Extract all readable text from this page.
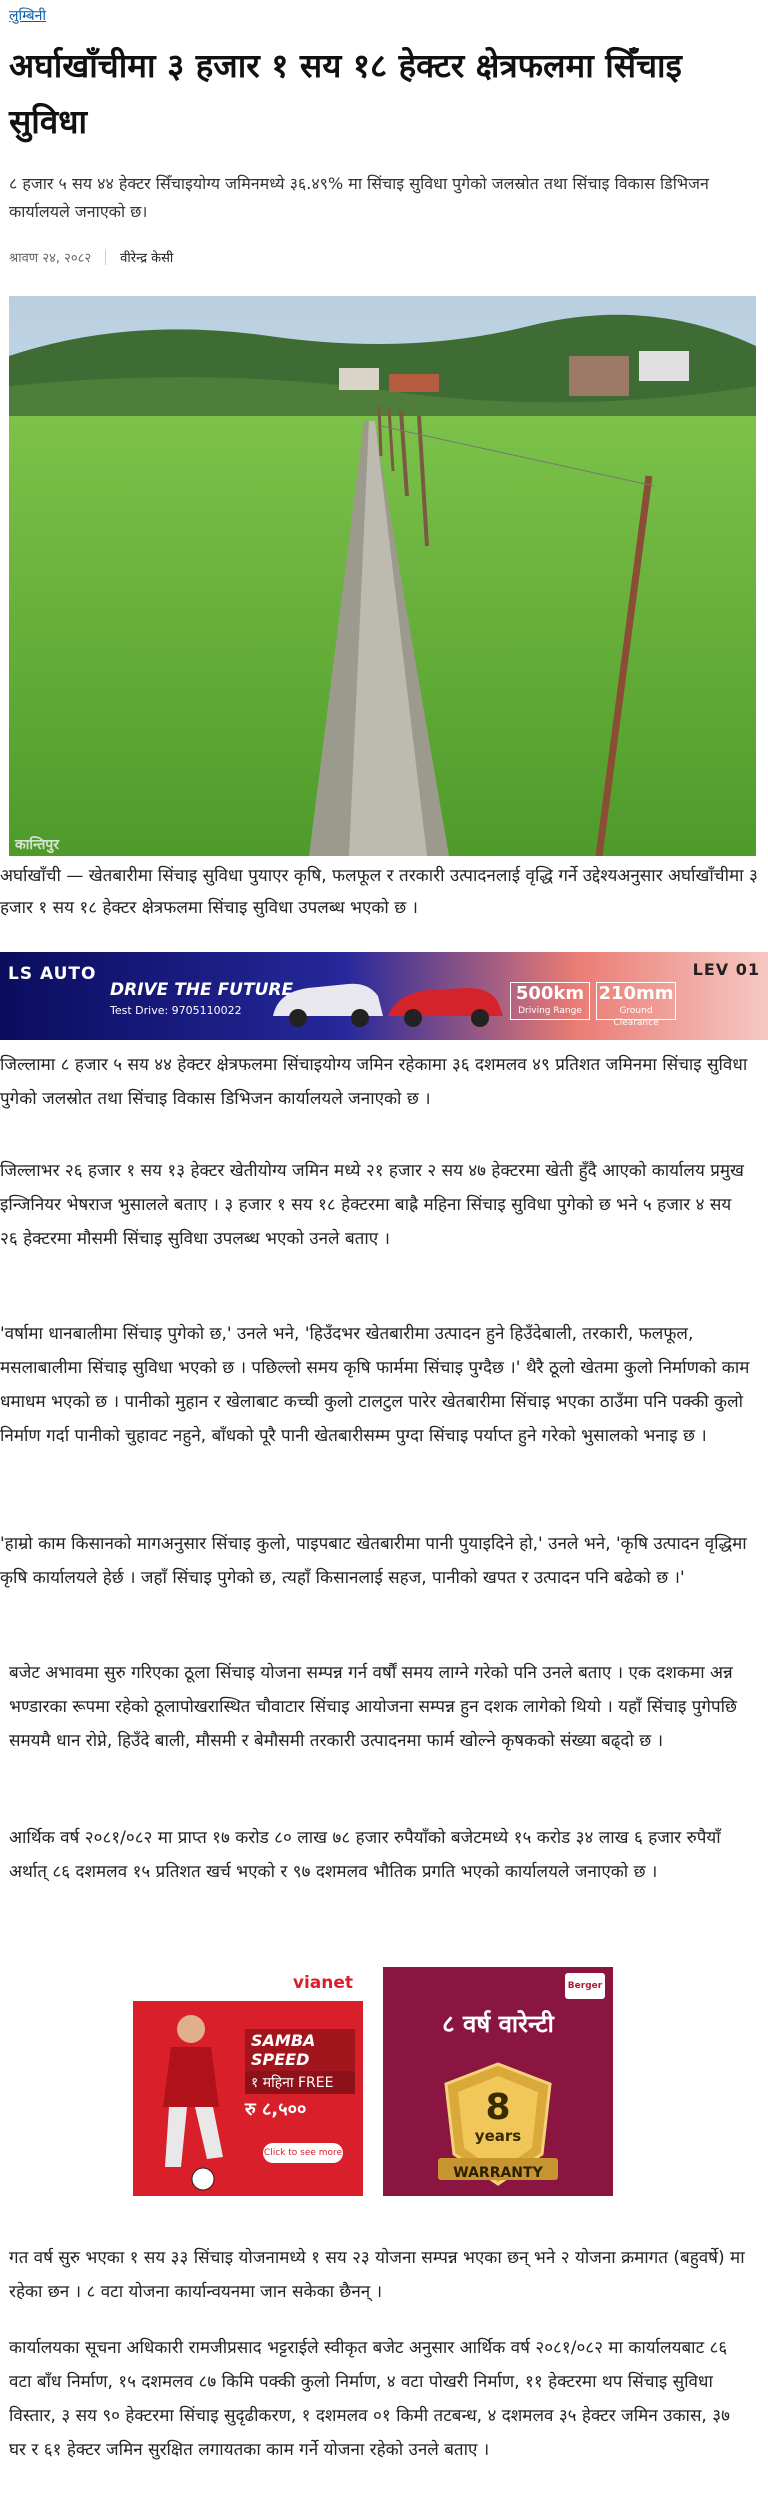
लुम्बिनी
अर्घाखाँचीमा ३ हजार १ सय १८ हेक्टर क्षेत्रफलमा सिँचाइ सुविधा

८ हजार ५ सय ४४ हेक्टर सिँचाइयोग्य जमिनमध्ये ३६.४९% मा सिंचाइ सुविधा पुगेको जलस्रोत तथा सिंचाइ विकास डिभिजन कार्यालयले जनाएको छ।

श्रावण २४, २०८२ वीरेन्द्र केसी
कान्तिपुर

अर्घाखाँची — खेतबारीमा सिंचाइ सुविधा पुयाएर कृषि, फलफूल र तरकारी उत्पादनलाई वृद्धि गर्ने उद्देश्यअनुसार अर्घाखाँचीमा ३ हजार १ सय १८ हेक्टर क्षेत्रफलमा सिंचाइ सुविधा उपलब्ध भएको छ ।

LS AUTO
DRIVE THE FUTURE
Test Drive: 9705110022
500km
Driving Range
210mm
Ground Clearance
LEV 01

जिल्लामा ८ हजार ५ सय ४४ हेक्टर क्षेत्रफलमा सिंचाइयोग्य जमिन रहेकामा ३६ दशमलव ४९ प्रतिशत जमिनमा सिंचाइ सुविधा पुगेको जलस्रोत तथा सिंचाइ विकास डिभिजन कार्यालयले जनाएको छ ।

जिल्लाभर २६ हजार १ सय १३ हेक्टर खेतीयोग्य जमिन मध्ये २१ हजार २ सय ४७ हेक्टरमा खेती हुँदै आएको कार्यालय प्रमुख इन्जिनियर भेषराज भुसालले बताए । ३ हजार १ सय १८ हेक्टरमा बाह्रै महिना सिंचाइ सुविधा पुगेको छ भने ५ हजार ४ सय २६ हेक्टरमा मौसमी सिंचाइ सुविधा उपलब्ध भएको उनले बताए ।

'वर्षामा धानबालीमा सिंचाइ पुगेको छ,' उनले भने, 'हिउँदभर खेतबारीमा उत्पादन हुने हिउँदेबाली, तरकारी, फलफूल, मसलाबालीमा सिंचाइ सुविधा भएको छ । पछिल्लो समय कृषि फार्ममा सिंचाइ पुग्दैछ ।' थैरै ठूलो खेतमा कुलो निर्माणको काम धमाधम भएको छ । पानीको मुहान र खेलाबाट कच्ची कुलो टालटुल पारेर खेतबारीमा सिंचाइ भएका ठाउँमा पनि पक्की कुलो निर्माण गर्दा पानीको चुहावट नहुने, बाँधको पूरै पानी खेतबारीसम्म पुग्दा सिंचाइ पर्याप्त हुने गरेको भुसालको भनाइ छ ।

'हाम्रो काम किसानको मागअनुसार सिंचाइ कुलो, पाइपबाट खेतबारीमा पानी पुयाइदिने हो,' उनले भने, 'कृषि उत्पादन वृद्धिमा कृषि कार्यालयले हेर्छ । जहाँ सिंचाइ पुगेको छ, त्यहाँ किसानलाई सहज, पानीको खपत र उत्पादन पनि बढेको छ ।'

बजेट अभावमा सुरु गरिएका ठूला सिंचाइ योजना सम्पन्न गर्न वर्षौं समय लाग्ने गरेको पनि उनले बताए । एक दशकमा अन्न भण्डारका रूपमा रहेको ठूलापोखरास्थित चौवाटार सिंचाइ आयोजना सम्पन्न हुन दशक लागेको थियो । यहाँ सिंचाइ पुगेपछि समयमै धान रोप्ने, हिउँदे बाली, मौसमी र बेमौसमी तरकारी उत्पादनमा फार्म खोल्ने कृषकको संख्या बढ्दो छ ।

आर्थिक वर्ष २०८१/०८२ मा प्राप्त १७ करोड ८० लाख ७८ हजार रुपैयाँको बजेटमध्ये १५ करोड ३४ लाख ६ हजार रुपैयाँ अर्थात् ८६ दशमलव १५ प्रतिशत खर्च भएको र ९७ दशमलव भौतिक प्रगति भएको कार्यालयले जनाएको छ ।

vianet
SAMBA SPEED
१ महिना FREE
रु ८,५००
Click to see more
Berger
८ वर्ष वारेन्टी
8
years
WARRANTY

गत वर्ष सुरु भएका १ सय ३३ सिंचाइ योजनामध्ये १ सय २३ योजना सम्पन्न भएका छन् भने २ योजना क्रमागत (बहुवर्षे) मा रहेका छन । ८ वटा योजना कार्यान्वयनमा जान सकेका छैनन् ।

कार्यालयका सूचना अधिकारी रामजीप्रसाद भट्टराईले स्वीकृत बजेट अनुसार आर्थिक वर्ष २०८१/०८२ मा कार्यालयबाट ८६ वटा बाँध निर्माण, १५ दशमलव ८७ किमि पक्की कुलो निर्माण, ४ वटा पोखरी निर्माण, ११ हेक्टरमा थप सिंचाइ सुविधा विस्तार, ३ सय ९० हेक्टरमा सिंचाइ सुदृढीकरण, १ दशमलव ०१ किमी तटबन्ध, ४ दशमलव ३५ हेक्टर जमिन उकास, ३७ घर र ६१ हेक्टर जमिन सुरक्षित लगायतका काम गर्ने योजना रहेको उनले बताए ।
